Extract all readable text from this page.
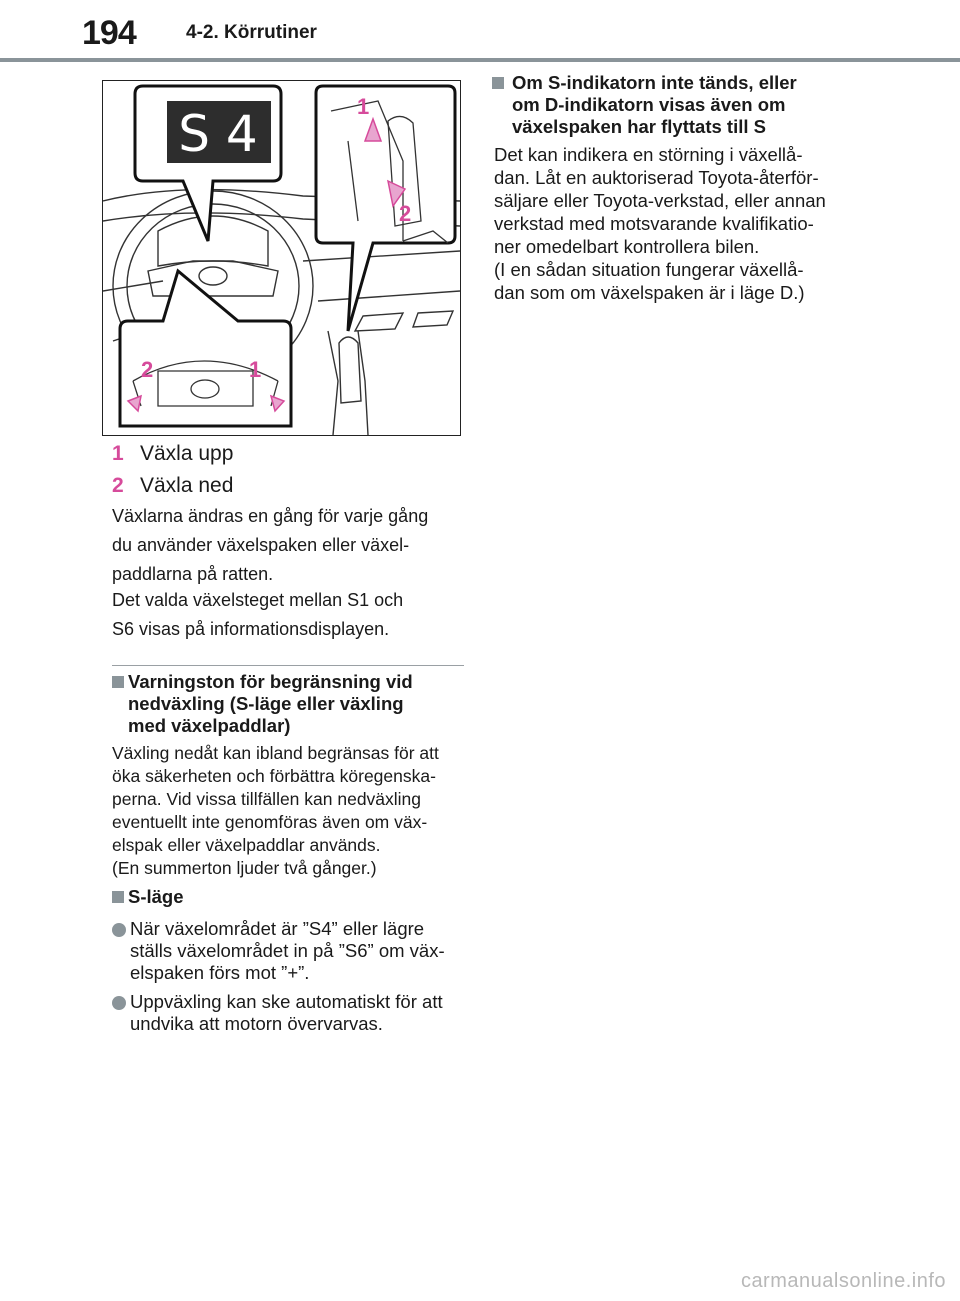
194	4-2. Körrutiner
S 4	1
2
2	1
1 Växla upp
2 Växla ned
Växlarna ändras en gång för varje gång
du använder växelspaken eller växel-
paddlarna på ratten.
Det valda växelsteget mellan S1 och
S6 visas på informationsdisplayen.
Varningston för begränsning vid
nedväxling (S-läge eller växling
med växelpaddlar)
Växling nedåt kan ibland begränsas för att
öka säkerheten och förbättra köregenska-
perna. Vid vissa tillfällen kan nedväxling
eventuellt inte genomföras även om väx-
elspak eller växelpaddlar används.
(En summerton ljuder två gånger.)
S-läge
När växelområdet är ”S4” eller lägre
ställs växelområdet in på ”S6” om väx-
elspaken förs mot ”+”.
Uppväxling kan ske automatiskt för att
undvika att motorn övervarvas.
Om S-indikatorn inte tänds, eller
om D-indikatorn visas även om
växelspaken har flyttats till S
Det kan indikera en störning i växellå-
dan. Låt en auktoriserad Toyota-återför-
säljare eller Toyota-verkstad, eller annan
verkstad med motsvarande kvalifikatio-
ner omedelbart kontrollera bilen.
(I en sådan situation fungerar växellå-
dan som om växelspaken är i läge D.)
carmanualsonline.info
